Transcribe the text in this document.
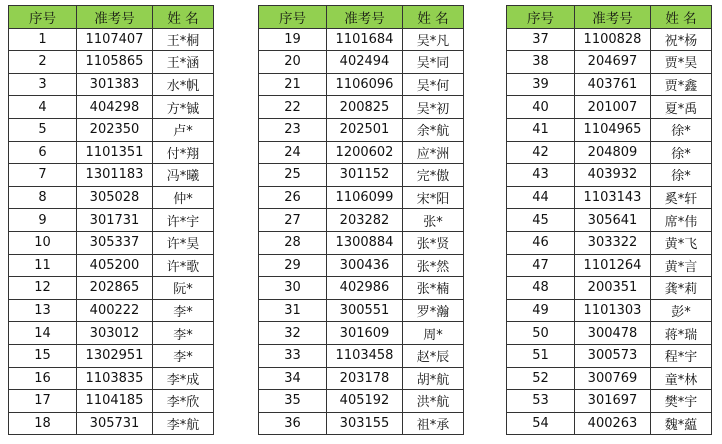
序号	准考号	姓 名
1	1107407	王*桐
2	1105865	王*涵
3	301383	水*帆
4	404298	方*铖
5	202350	卢*
6	1101351	付*翔
7	1301183	冯*曦
8	305028	仲*
9	301731	许*宇
10	305337	许*昊
11	405200	许*歌
12	202865	阮*
13	400222	李*
14	303012	李*
15	1302951	李*
16	1103835	李*成
17	1104185	李*欣
18	305731	李*航
序号	准考号	姓 名
19	1101684	吴*凡
20	402494	吴*同
21	1106096	吴*何
22	200825	吴*初
23	202501	余*航
24	1200602	应*洲
25	301152	完*傲
26	1106099	宋*阳
27	203282	张*
28	1300884	张*贤
29	300436	张*然
30	402986	张*楠
31	300551	罗*瀚
32	301609	周*
33	1103458	赵*辰
34	203178	胡*航
35	405192	洪*航
36	303155	祖*承
序号	准考号	姓 名
37	1100828	祝*杨
38	204697	贾*昊
39	403761	贾*鑫
40	201007	夏*禹
41	1104965	徐*
42	204809	徐*
43	403932	徐*
44	1103143	奚*轩
45	305641	席*伟
46	303322	黄*飞
47	1101264	黄*言
48	200351	龚*莉
49	1101303	彭*
50	300478	蒋*瑞
51	300573	程*宇
52	300769	童*林
53	301697	樊*宇
54	400263	魏*藴
